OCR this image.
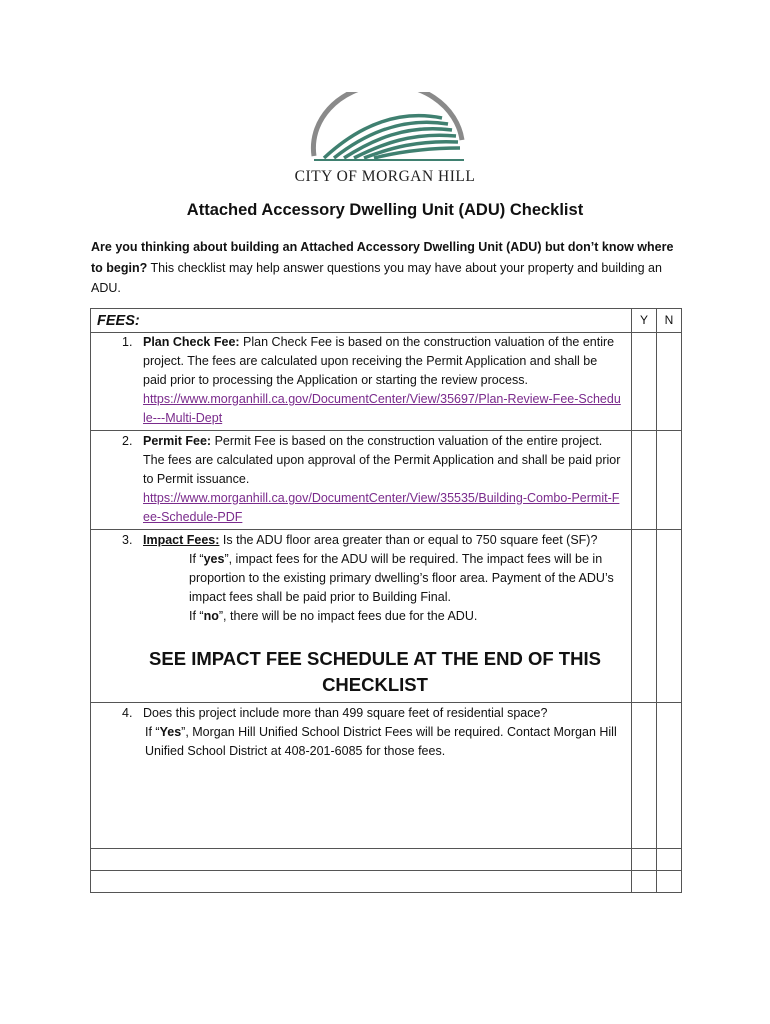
CITY OF MORGAN HILL
Attached Accessory Dwelling Unit (ADU) Checklist
Are you thinking about building an Attached Accessory Dwelling Unit (ADU) but don’t know where to begin? This checklist may help answer questions you may have about your property and building an ADU.
FEES:	Y	N

1. Plan Check Fee: Plan Check Fee is based on the construction valuation of the entire project. The fees are calculated upon receiving the Permit Application and shall be paid prior to processing the Application or starting the review process.
https://www.morganhill.ca.gov/DocumentCenter/View/35697/Plan-Review-Fee-Schedule---Multi-Dept		

2. Permit Fee: Permit Fee is based on the construction valuation of the entire project. The fees are calculated upon approval of the Permit Application and shall be paid prior to Permit issuance.
https://www.morganhill.ca.gov/DocumentCenter/View/35535/Building-Combo-Permit-Fee-Schedule-PDF		

3. Impact Fees: Is the ADU floor area greater than or equal to 750 square feet (SF)?
If “yes”, impact fees for the ADU will be required. The impact fees will be in proportion to the existing primary dwelling’s floor area. Payment of the ADU’s impact fees shall be paid prior to Building Final.
If “no”, there will be no impact fees due for the ADU.
SEE IMPACT FEE SCHEDULE AT THE END OF THIS CHECKLIST		

4. Does this project include more than 499 square feet of residential space?
If “Yes”, Morgan Hill Unified School District Fees will be required. Contact Morgan Hill Unified School District at 408-201-6085 for those fees.		
